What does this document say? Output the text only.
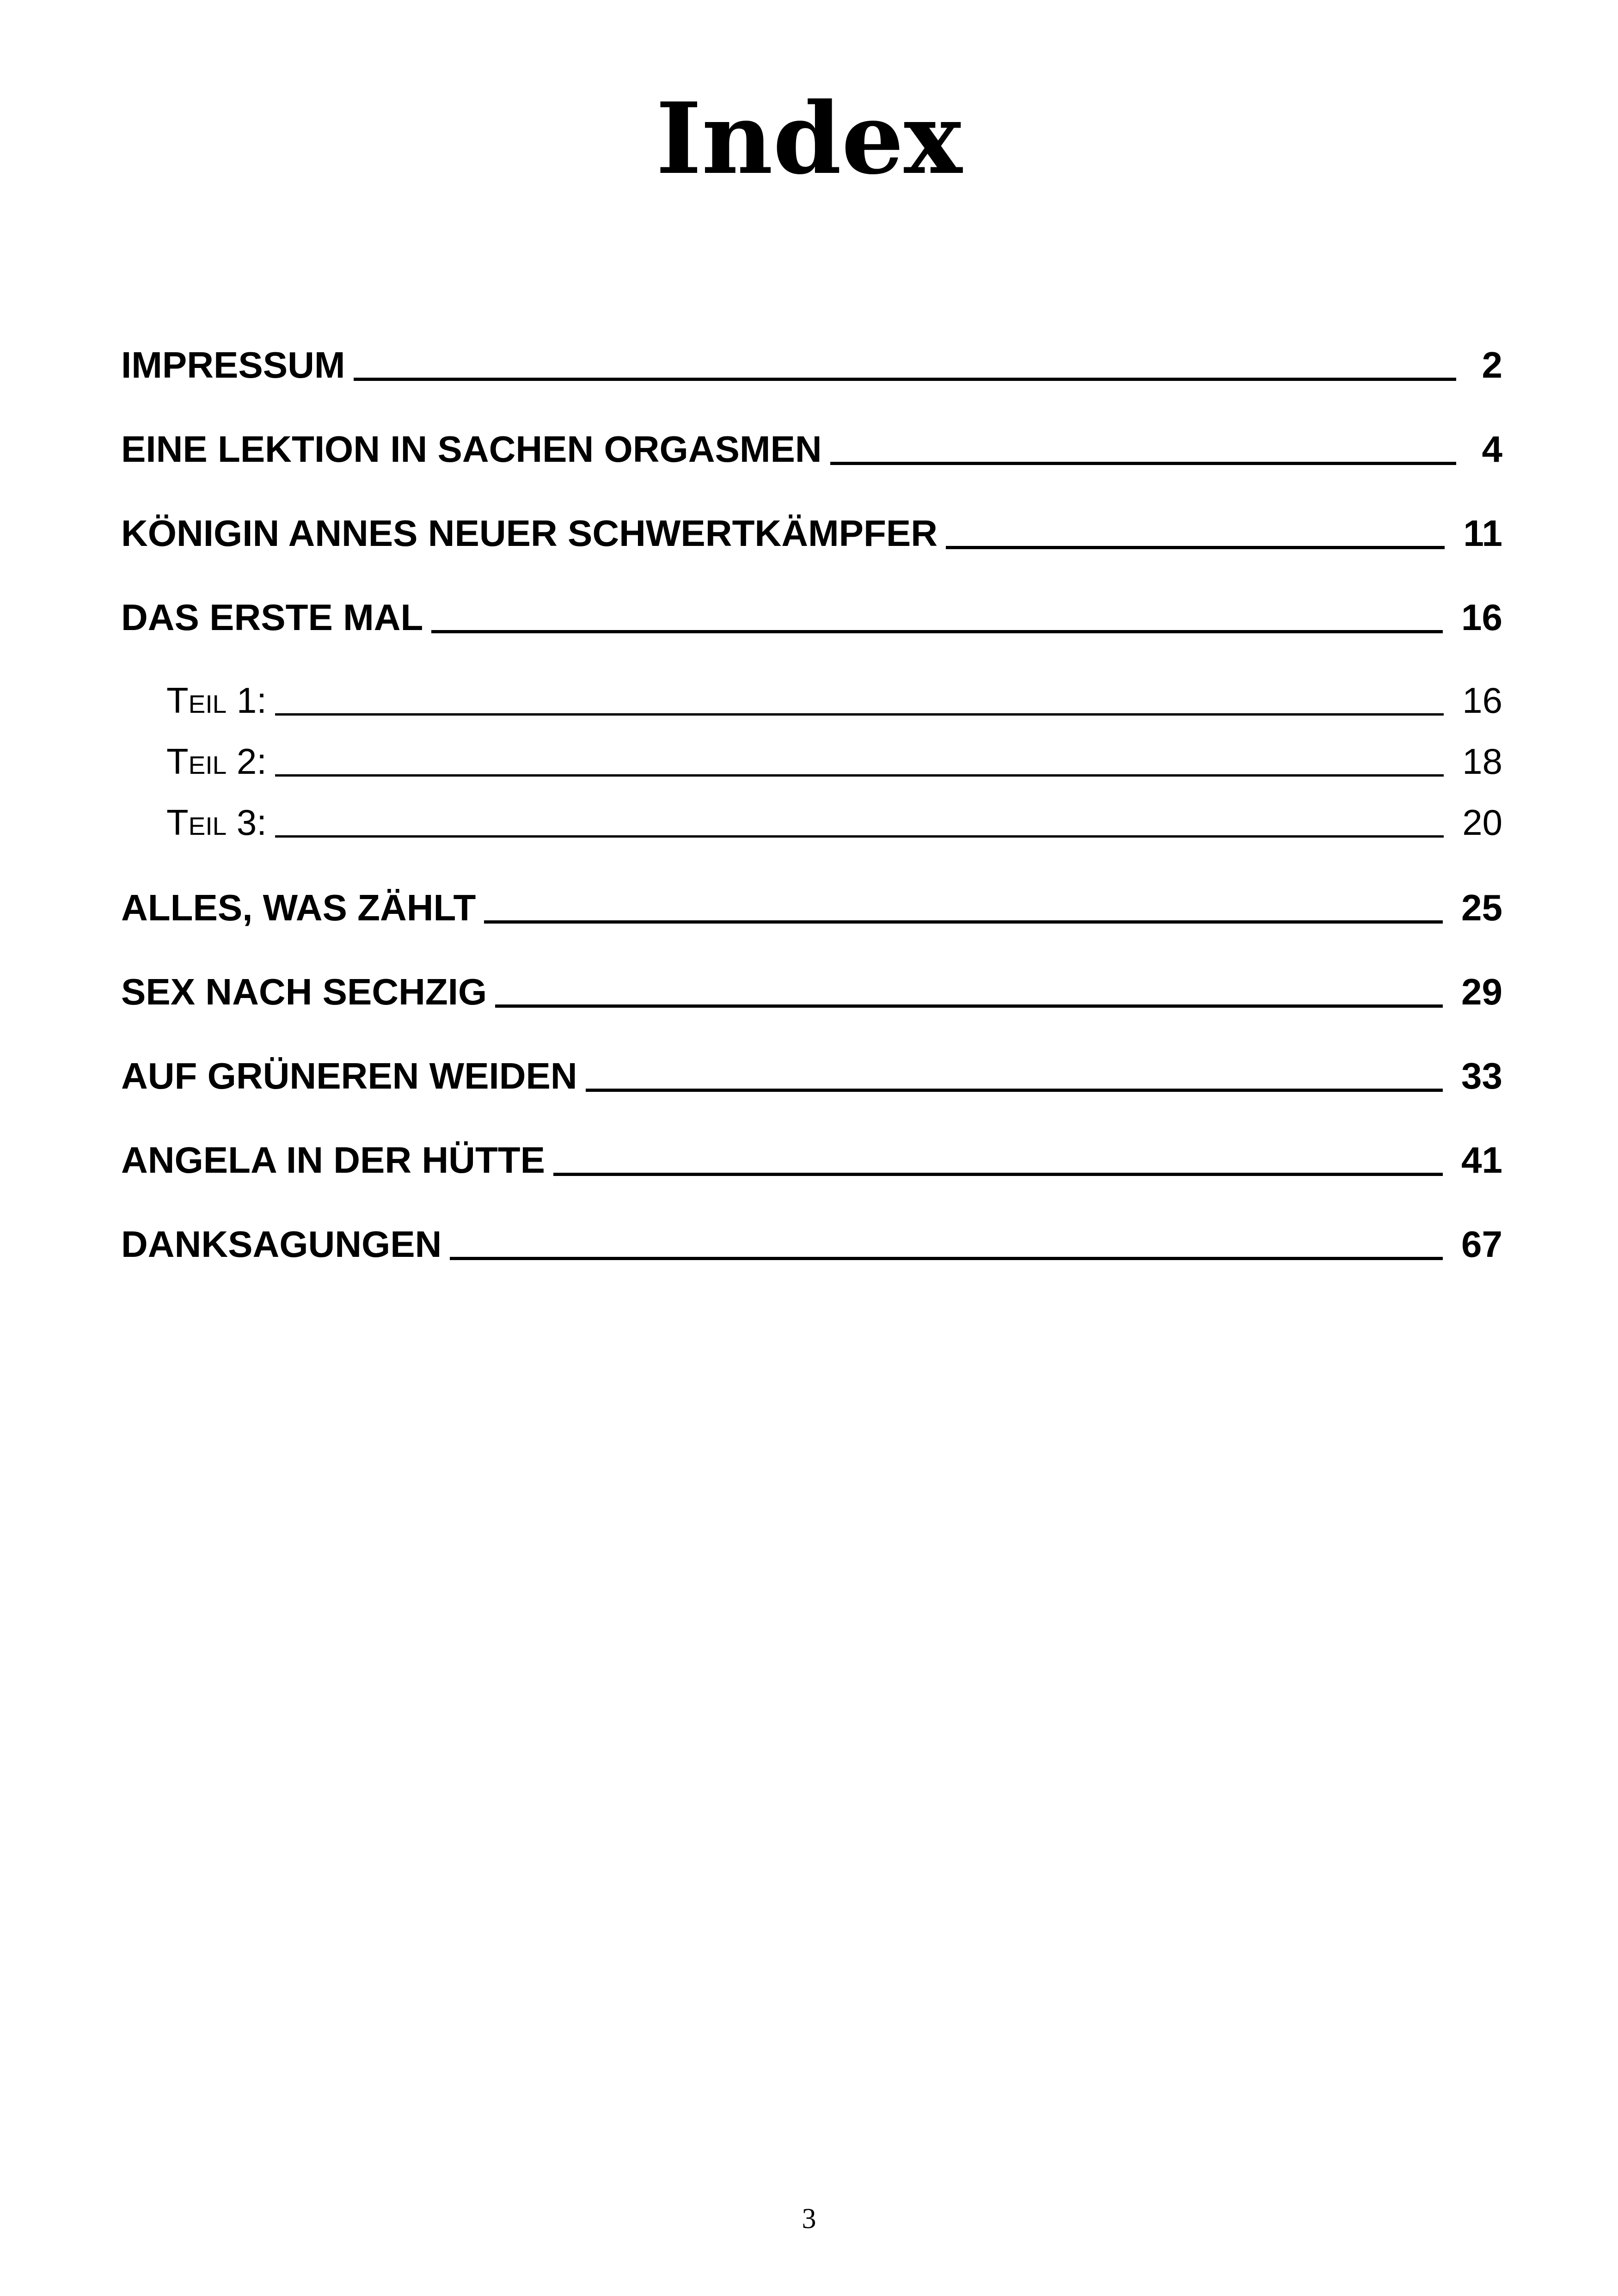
Index
IMPRESSUM	2
EINE LEKTION IN SACHEN ORGASMEN	4
KÖNIGIN ANNES NEUER SCHWERTKÄMPFER	11
DAS ERSTE MAL	16
Teil 1:	16
Teil 2:	18
Teil 3:	20
ALLES, WAS ZÄHLT	25
SEX NACH SECHZIG	29
AUF GRÜNEREN WEIDEN	33
ANGELA IN DER HÜTTE	41
DANKSAGUNGEN	67
3
